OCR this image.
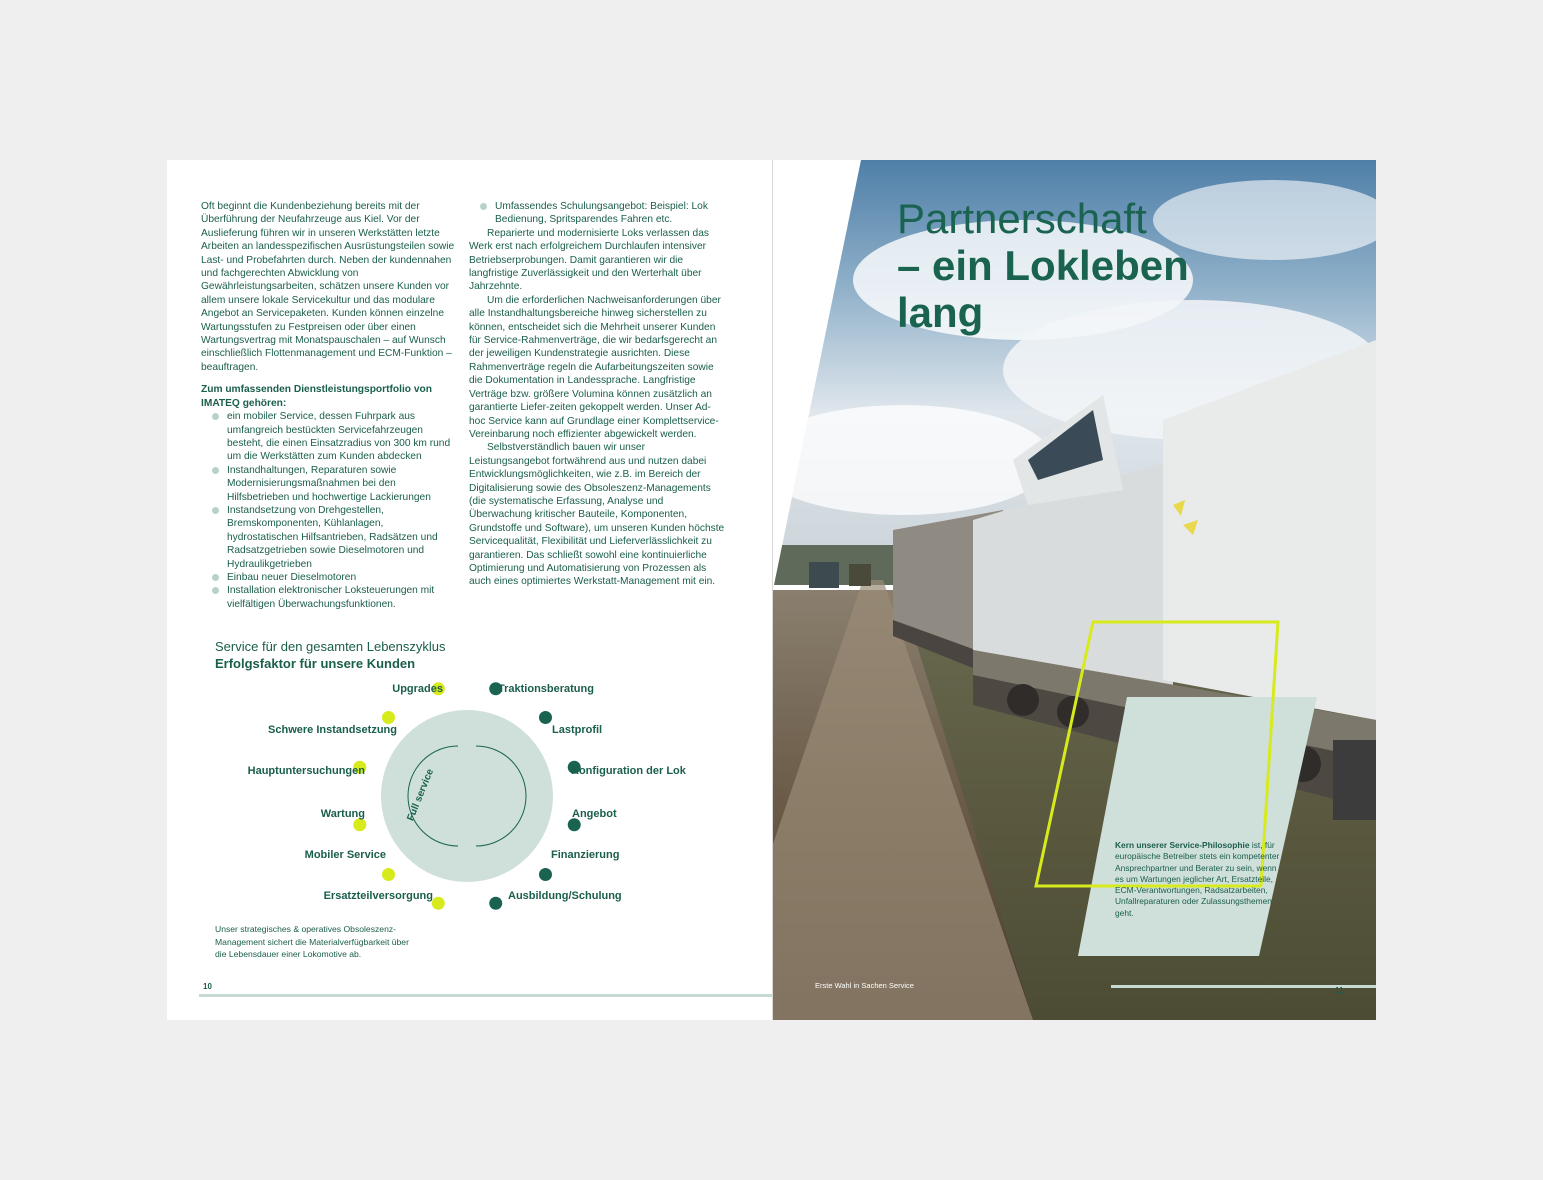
Oft beginnt die Kundenbeziehung bereits mit der Überführung der Neufahrzeuge aus Kiel. Vor der Auslieferung führen wir in unseren Werkstätten letzte Arbeiten an landesspezifischen Ausrüstungsteilen sowie Last- und Probefahrten durch. Neben der kundennahen und fachgerechten Abwicklung von Gewährleistungsarbeiten, schätzen unsere Kunden vor allem unsere lokale Servicekultur und das modulare Angebot an Servicepaketen. Kunden können einzelne Wartungsstufen zu Festpreisen oder über einen Wartungsvertrag mit Monatspauschalen – auf Wunsch einschließlich Flottenmanagement und ECM-Funktion – beauftragen.

Zum umfassenden Dienstleistungsportfolio von IMATEQ gehören:

ein mobiler Service, dessen Fuhrpark aus umfangreich bestückten Servicefahrzeugen besteht, die einen Einsatzradius von 300 km rund um die Werkstätten zum Kunden abdecken
Instandhaltungen, Reparaturen sowie Modernisierungsmaßnahmen bei den Hilfsbetrieben und hochwertige Lackierungen
Instandsetzung von Drehgestellen, Bremskomponenten, Kühlanlagen, hydrostatischen Hilfsantrieben, Radsätzen und Radsatzgetrieben sowie Dieselmotoren und Hydraulikgetrieben
Einbau neuer Dieselmotoren
Installation elektronischer Loksteuerungen mit vielfältigen Überwachungsfunktionen.
Umfassendes Schulungsangebot: Beispiel: Lok Bedienung, Spritsparendes Fahren etc.

Reparierte und modernisierte Loks verlassen das Werk erst nach erfolgreichem Durchlaufen intensiver Betriebserprobungen. Damit garantieren wir die langfristige Zuverlässigkeit und den Werterhalt über Jahrzehnte.

Um die erforderlichen Nachweisanforderungen über alle Instandhaltungsbereiche hinweg sicherstellen zu können, entscheidet sich die Mehrheit unserer Kunden für Service-Rahmenverträge, die wir bedarfsgerecht an der jeweiligen Kundenstrategie ausrichten. Diese Rahmenverträge regeln die Aufarbeitungszeiten sowie die Dokumentation in Landessprache. Langfristige Verträge bzw. größere Volumina können zusätzlich an garantierte Liefer-zeiten gekoppelt werden. Unser Ad-hoc Service kann auf Grundlage einer Komplettservice-Vereinbarung noch effizienter abgewickelt werden.

Selbstverständlich bauen wir unser Leistungsangebot fortwährend aus und nutzen dabei Entwicklungsmöglichkeiten, wie z.B. im Bereich der Digitalisierung sowie des Obsoleszenz-Managements (die systematische Erfassung, Analyse und Überwachung kritischer Bauteile, Komponenten, Grundstoffe und Software), um unseren Kunden höchste Servicequalität, Flexibilität und Lieferverlässlichkeit zu garantieren. Das schließt sowohl eine kontinuierliche Optimierung und Automatisierung von Prozessen als auch eines optimiertes Werkstatt-Management mit ein.

Service für den gesamten Lebenszyklus
Erfolgsfaktor für unsere Kunden
Full service
Upgrades
Schwere Instandsetzung
Hauptuntersuchungen
Wartung
Mobiler Service
Ersatzteilversorgung
Traktionsberatung
Lastprofil
Konfiguration der Lok
Angebot
Finanzierung
Ausbildung/Schulung
Unser strategisches & operatives Obsoleszenz-Management sichert die Materialverfügbarkeit über die Lebensdauer einer Lokomotive ab.
10
Partnerschaft
– ein Lokleben
lang
Kern unserer Service-Philosophie ist, für europäische Betreiber stets ein kompetenter Ansprechpartner und Berater zu sein, wenn es um Wartungen jeglicher Art, Ersatzteile, ECM-Verantwortungen, Radsatzarbeiten, Unfallreparaturen oder Zulassungsthemen geht.
Erste Wahl in Sachen Service
11
